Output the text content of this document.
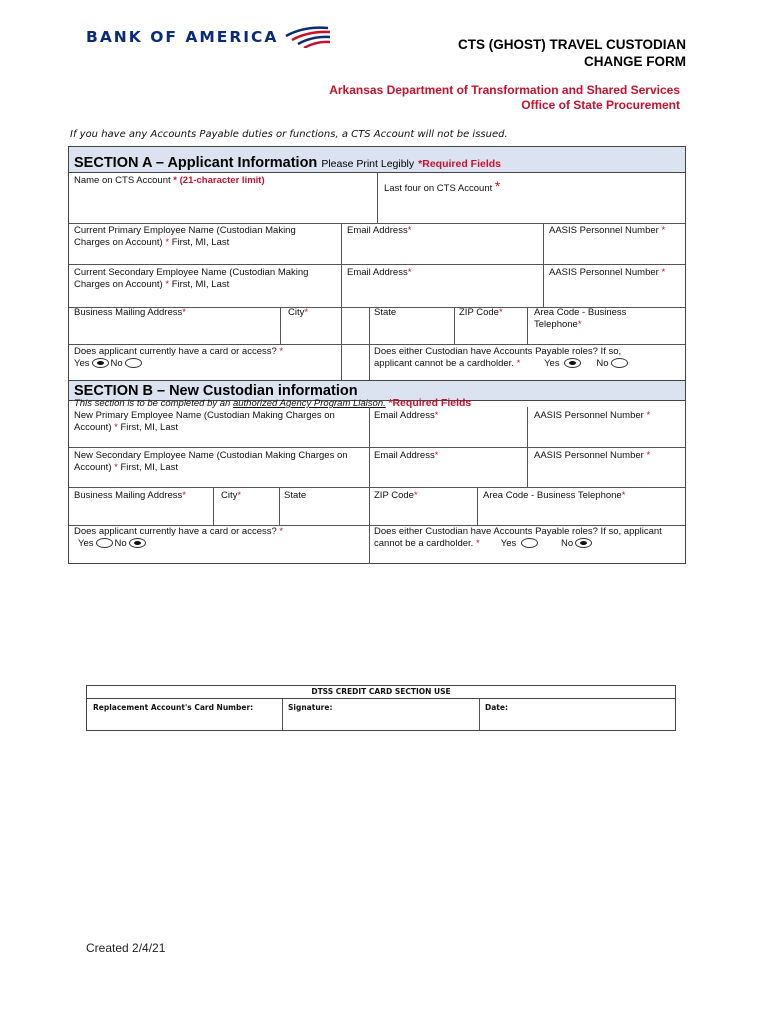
BANK OF AMERICA	CTS (GHOST) TRAVEL CUSTODIAN
CHANGE FORM
Arkansas Department of Transformation and Shared Services
Office of State Procurement
If you have any Accounts Payable duties or functions, a CTS Account will not be issued.
SECTION A – Applicant Information Please Print Legibly *Required Fields
Name on CTS Account * (21-character limit)
Last four on CTS Account *
Current Primary Employee Name (Custodian Making Charges on Account) * First, MI, Last
Email Address*	AASIS Personnel Number *
Current Secondary Employee Name (Custodian Making Charges on Account) * First, MI, Last
Email Address*	AASIS Personnel Number *
Business Mailing Address*	City*	State	ZIP Code*	Area Code - Business Telephone*
Does applicant currently have a card or access? *
Yes No
Does either Custodian have Accounts Payable roles? If so, applicant cannot be a cardholder. *	Yes	No
SECTION B – New Custodian information
This section is to be completed by an authorized Agency Program Liaison. *Required Fields
New Primary Employee Name (Custodian Making Charges on Account) * First, MI, Last
Email Address*	AASIS Personnel Number *
New Secondary Employee Name (Custodian Making Charges on Account) * First, MI, Last
Email Address*	AASIS Personnel Number *
Business Mailing Address*	City*	State	ZIP Code*	Area Code - Business Telephone*
Does applicant currently have a card or access? *
Yes No
Does either Custodian have Accounts Payable roles? If so, applicant cannot be a cardholder. * Yes	No
DTSS CREDIT CARD SECTION USE
Replacement Account's Card Number:	Signature:	Date:
Created 2/4/21
